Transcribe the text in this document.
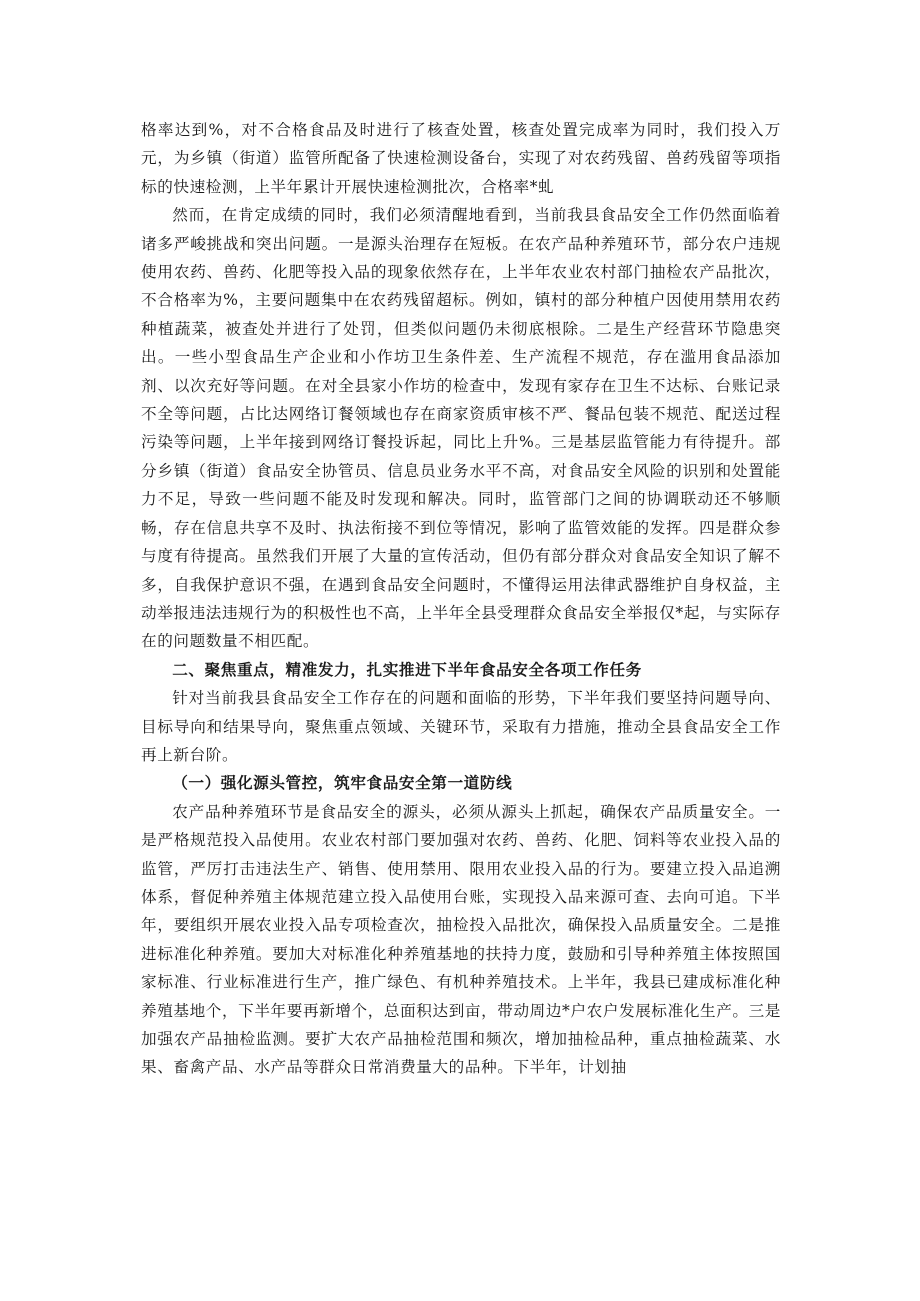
格率达到%，对不合格食品及时进行了核查处置，核查处置完成率为同时，我们投入万元，为乡镇（街道）监管所配备了快速检测设备台，实现了对农药残留、兽药残留等项指标的快速检测，上半年累计开展快速检测批次，合格率*虬

然而，在肯定成绩的同时，我们必须清醒地看到，当前我县食品安全工作仍然面临着诸多严峻挑战和突出问题。一是源头治理存在短板。在农产品种养殖环节，部分农户违规使用农药、兽药、化肥等投入品的现象依然存在，上半年农业农村部门抽检农产品批次，不合格率为%，主要问题集中在农药残留超标。例如，镇村的部分种植户因使用禁用农药种植蔬菜，被查处并进行了处罚，但类似问题仍未彻底根除。二是生产经营环节隐患突出。一些小型食品生产企业和小作坊卫生条件差、生产流程不规范，存在滥用食品添加剂、以次充好等问题。在对全县家小作坊的检查中，发现有家存在卫生不达标、台账记录不全等问题，占比达网络订餐领域也存在商家资质审核不严、餐品包装不规范、配送过程污染等问题，上半年接到网络订餐投诉起，同比上升%。三是基层监管能力有待提升。部分乡镇（街道）食品安全协管员、信息员业务水平不高，对食品安全风险的识别和处置能力不足，导致一些问题不能及时发现和解决。同时，监管部门之间的协调联动还不够顺畅，存在信息共享不及时、执法衔接不到位等情况，影响了监管效能的发挥。四是群众参与度有待提高。虽然我们开展了大量的宣传活动，但仍有部分群众对食品安全知识了解不多，自我保护意识不强，在遇到食品安全问题时，不懂得运用法律武器维护自身权益，主动举报违法违规行为的积极性也不高，上半年全县受理群众食品安全举报仅*起，与实际存在的问题数量不相匹配。

二、聚焦重点，精准发力，扎实推进下半年食品安全各项工作任务

针对当前我县食品安全工作存在的问题和面临的形势，下半年我们要坚持问题导向、目标导向和结果导向，聚焦重点领域、关键环节，采取有力措施，推动全县食品安全工作再上新台阶。

（一）强化源头管控，筑牢食品安全第一道防线

农产品种养殖环节是食品安全的源头，必须从源头上抓起，确保农产品质量安全。一是严格规范投入品使用。农业农村部门要加强对农药、兽药、化肥、饲料等农业投入品的监管，严厉打击违法生产、销售、使用禁用、限用农业投入品的行为。要建立投入品追溯体系，督促种养殖主体规范建立投入品使用台账，实现投入品来源可查、去向可追。下半年，要组织开展农业投入品专项检查次，抽检投入品批次，确保投入品质量安全。二是推进标准化种养殖。要加大对标准化种养殖基地的扶持力度，鼓励和引导种养殖主体按照国家标准、行业标准进行生产，推广绿色、有机种养殖技术。上半年，我县已建成标准化种养殖基地个，下半年要再新增个，总面积达到亩，带动周边*户农户发展标准化生产。三是加强农产品抽检监测。要扩大农产品抽检范围和频次，增加抽检品种，重点抽检蔬菜、水果、畜禽产品、水产品等群众日常消费量大的品种。下半年，计划抽
